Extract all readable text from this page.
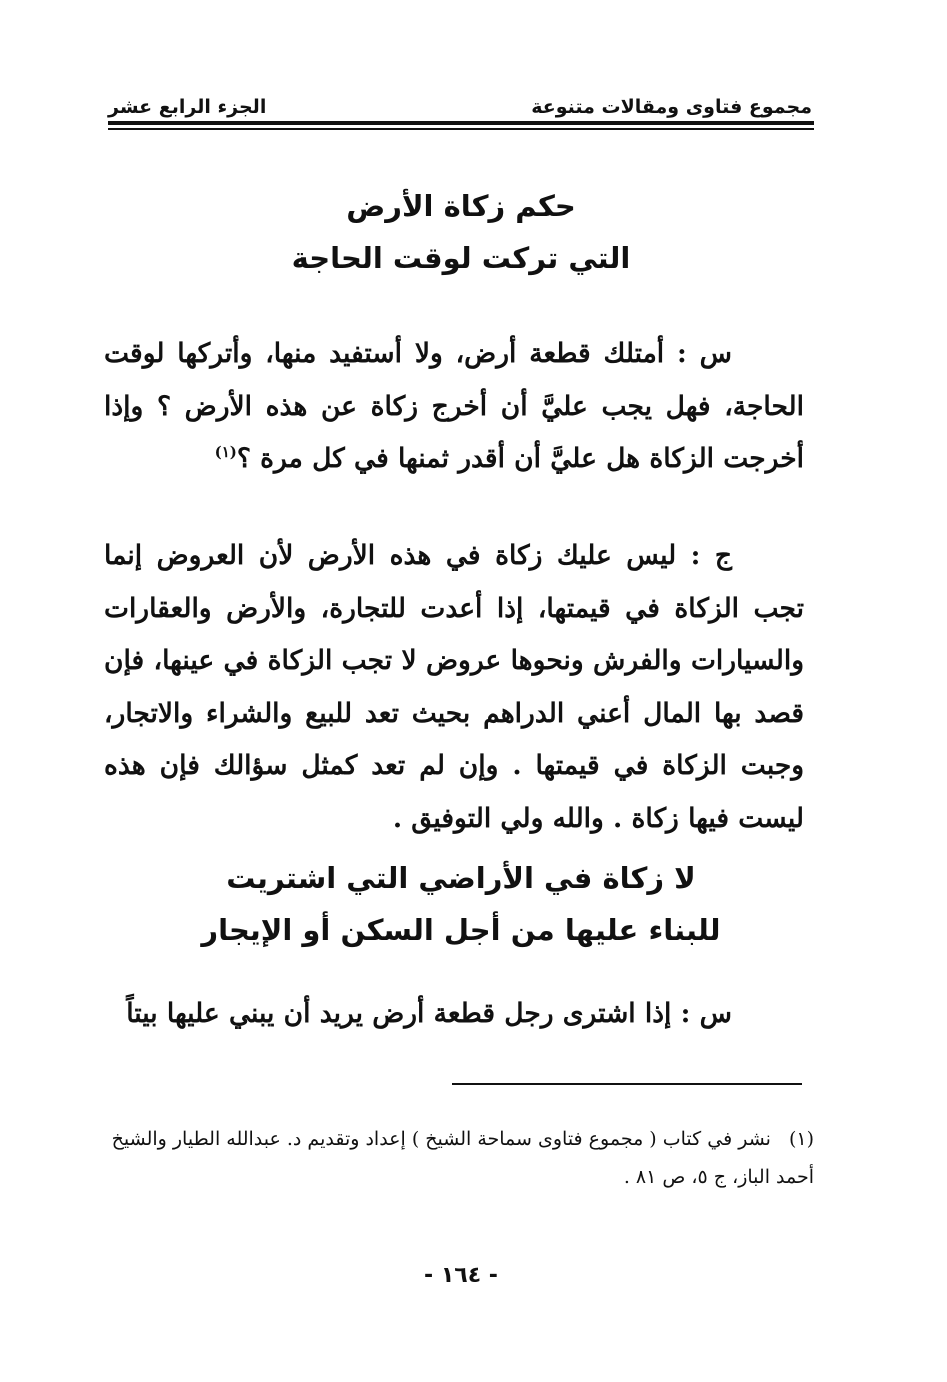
مجموع فتاوى ومقالات متنوعة
الجزء الرابع عشر
حكم زكاة الأرض
التي تركت لوقت الحاجة

س : أمتلك قطعة أرض، ولا أستفيد منها، وأتركها لوقت الحاجة، فهل يجب عليَّ أن أخرج زكاة عن هذه الأرض ؟ وإذا أخرجت الزكاة هل عليَّ أن أقدر ثمنها في كل مرة ؟$^{(١)}$

ج : ليس عليك زكاة في هذه الأرض لأن العروض إنما تجب الزكاة في قيمتها، إذا أعدت للتجارة، والأرض والعقارات والسيارات والفرش ونحوها عروض لا تجب الزكاة في عينها، فإن قصد بها المال أعني الدراهم بحيث تعد للبيع والشراء والاتجار، وجبت الزكاة في قيمتها . وإن لم تعد كمثل سؤالك فإن هذه ليست فيها زكاة . والله ولي التوفيق .

لا زكاة في الأراضي التي اشتريت
للبناء عليها من أجل السكن أو الإيجار

س : إذا اشترى رجل قطعة أرض يريد أن يبني عليها بيتاً

(١)نشر في كتاب ( مجموع فتاوى سماحة الشيخ ) إعداد وتقديم د. عبدالله الطيار والشيخ أحمد الباز، ج ٥، ص ٨١ .
- ١٦٤ -
